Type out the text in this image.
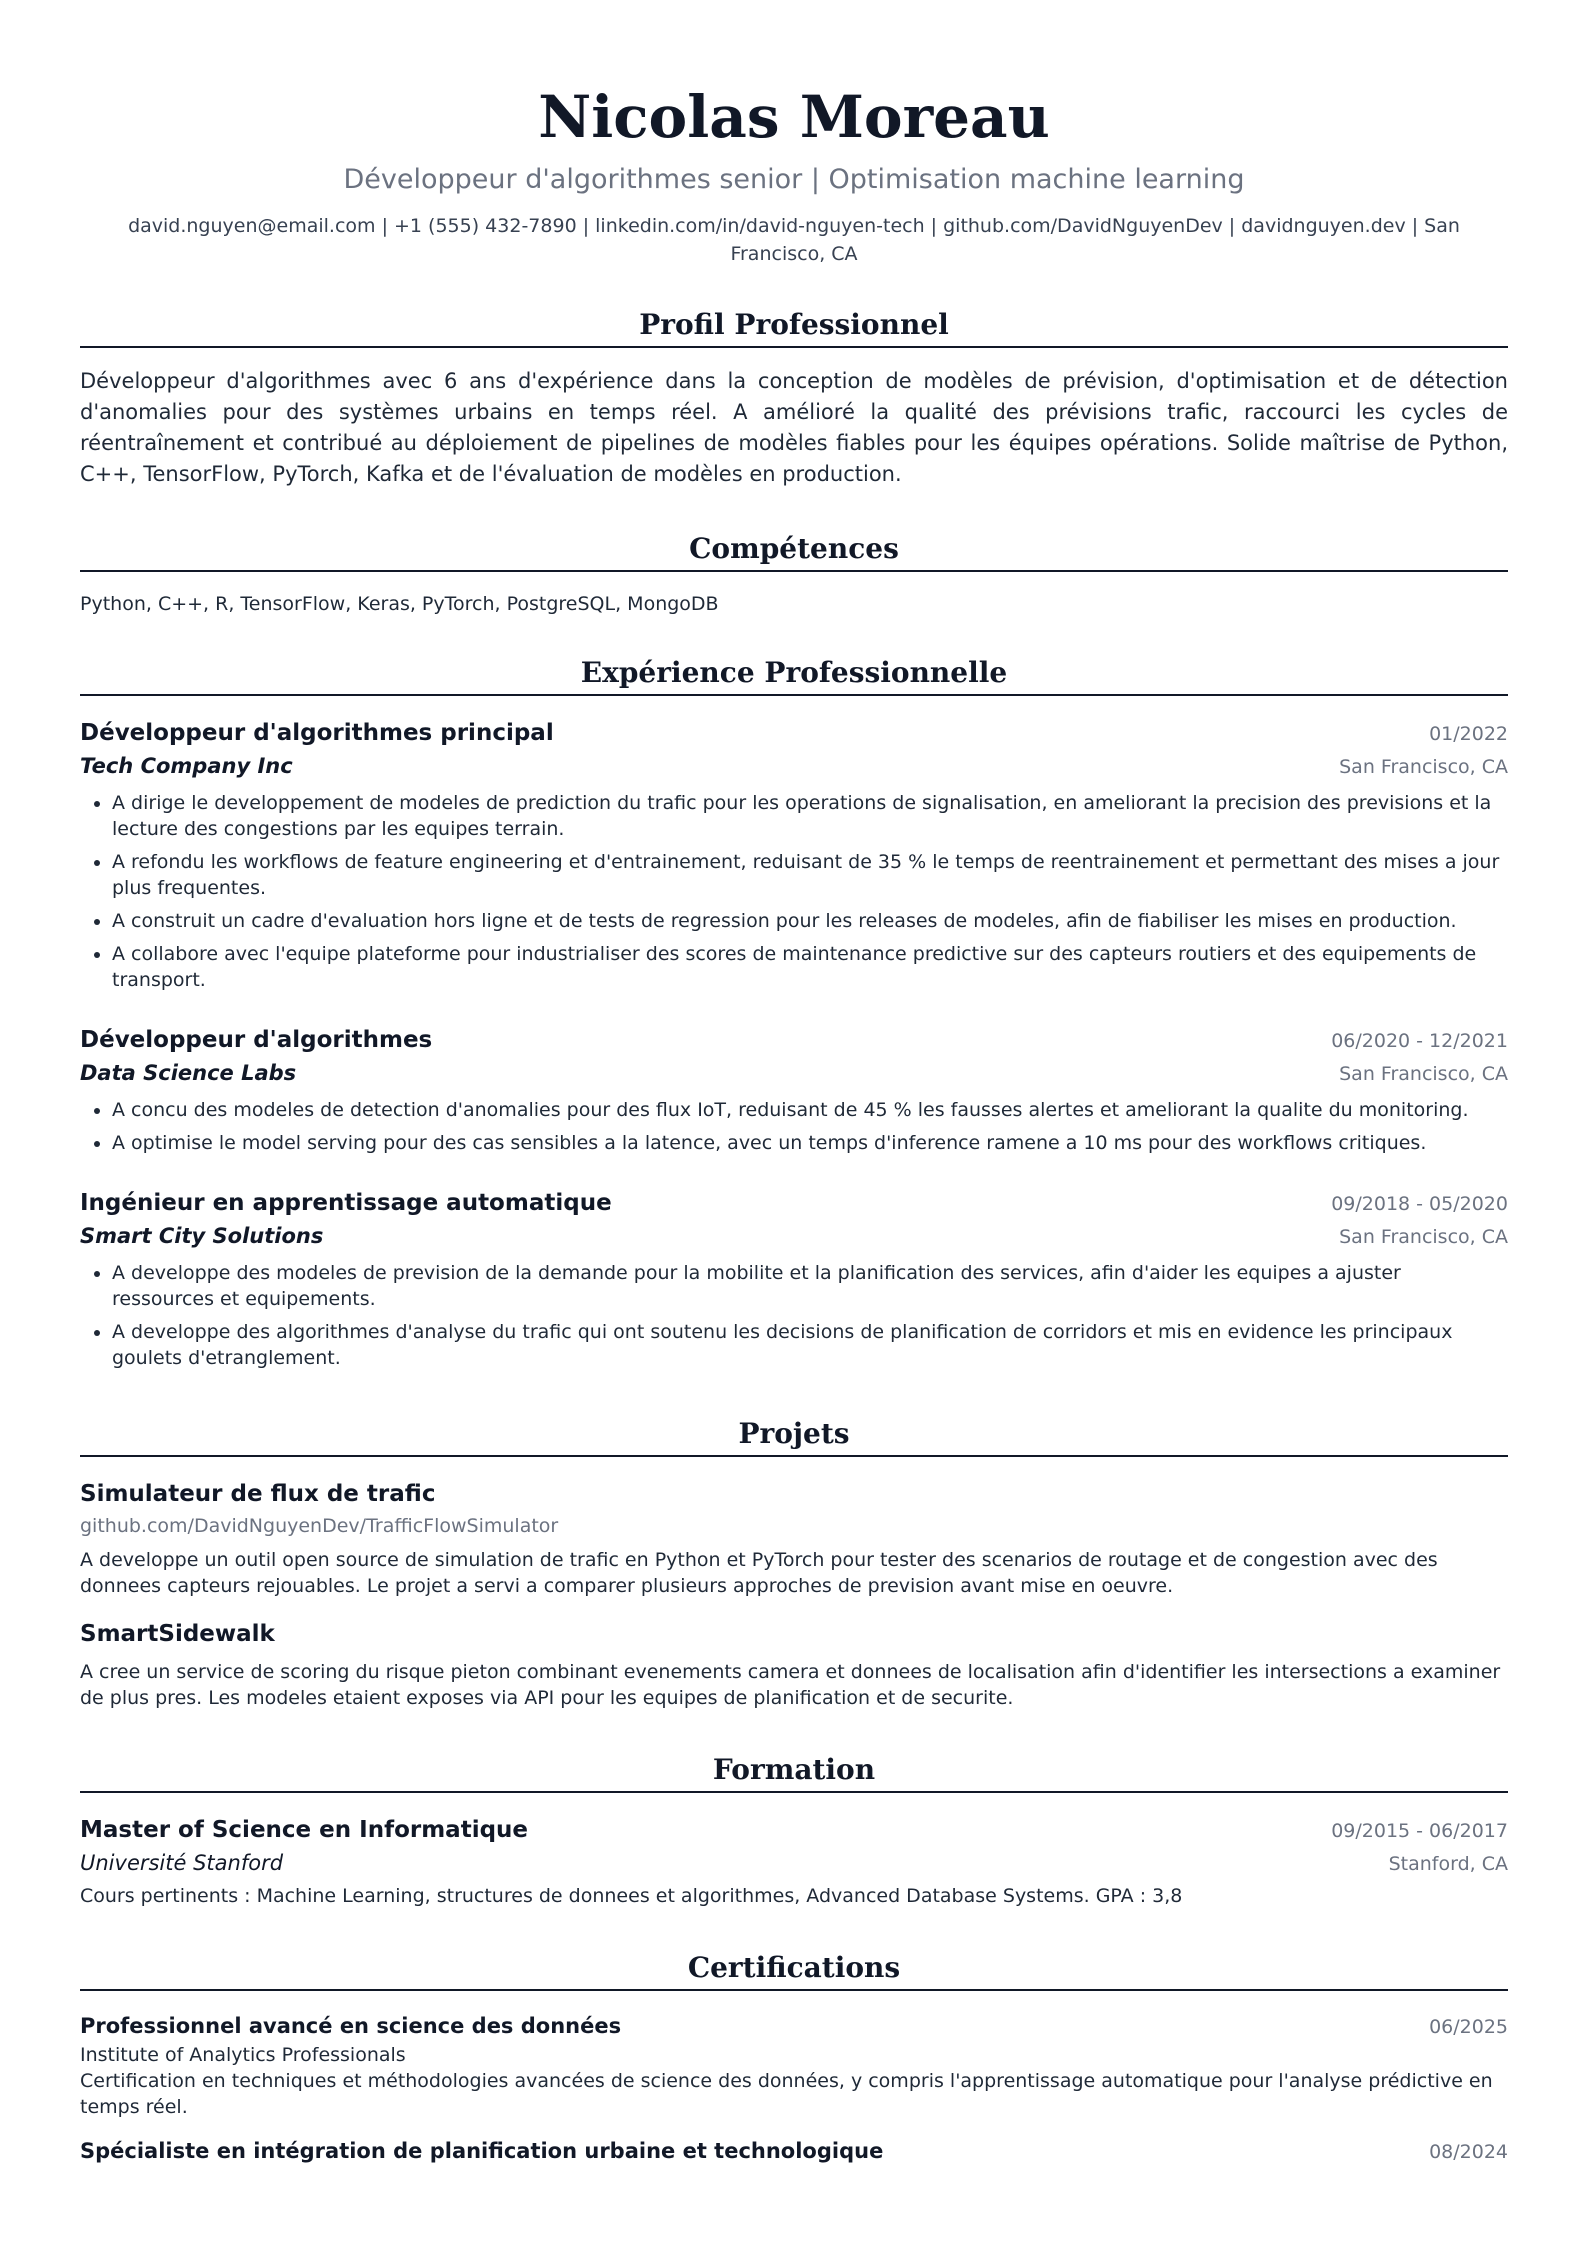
Nicolas Moreau
Développeur d'algorithmes senior | Optimisation machine learning
david.nguyen@email.com | +1 (555) 432-7890 | linkedin.com/in/david-nguyen-tech | github.com/DavidNguyenDev | davidnguyen.dev | San Francisco, CA
Profil Professionnel
Développeur d'algorithmes avec 6 ans d'expérience dans la conception de modèles de prévision, d'optimisation et de détection d'anomalies pour des systèmes urbains en temps réel. A amélioré la qualité des prévisions trafic, raccourci les cycles de réentraînement et contribué au déploiement de pipelines de modèles fiables pour les équipes opérations. Solide maîtrise de Python, C++, TensorFlow, PyTorch, Kafka et de l'évaluation de modèles en production.
Compétences
Python, C++, R, TensorFlow, Keras, PyTorch, PostgreSQL, MongoDB
Expérience Professionnelle
Développeur d'algorithmes principal	01/2022
Tech Company Inc	San Francisco, CA
• A dirige le developpement de modeles de prediction du trafic pour les operations de signalisation, en ameliorant la precision des previsions et la lecture des congestions par les equipes terrain.
• A refondu les workflows de feature engineering et d'entrainement, reduisant de 35 % le temps de reentrainement et permettant des mises a jour plus frequentes.
• A construit un cadre d'evaluation hors ligne et de tests de regression pour les releases de modeles, afin de fiabiliser les mises en production.
• A collabore avec l'equipe plateforme pour industrialiser des scores de maintenance predictive sur des capteurs routiers et des equipements de transport.
Développeur d'algorithmes	06/2020 - 12/2021
Data Science Labs	San Francisco, CA
• A concu des modeles de detection d'anomalies pour des flux IoT, reduisant de 45 % les fausses alertes et ameliorant la qualite du monitoring.
• A optimise le model serving pour des cas sensibles a la latence, avec un temps d'inference ramene a 10 ms pour des workflows critiques.
Ingénieur en apprentissage automatique	09/2018 - 05/2020
Smart City Solutions	San Francisco, CA
• A developpe des modeles de prevision de la demande pour la mobilite et la planification des services, afin d'aider les equipes a ajuster ressources et equipements.
• A developpe des algorithmes d'analyse du trafic qui ont soutenu les decisions de planification de corridors et mis en evidence les principaux goulets d'etranglement.
Projets
Simulateur de flux de trafic
github.com/DavidNguyenDev/TrafficFlowSimulator
A developpe un outil open source de simulation de trafic en Python et PyTorch pour tester des scenarios de routage et de congestion avec des donnees capteurs rejouables. Le projet a servi a comparer plusieurs approches de prevision avant mise en oeuvre.
SmartSidewalk
A cree un service de scoring du risque pieton combinant evenements camera et donnees de localisation afin d'identifier les intersections a examiner de plus pres. Les modeles etaient exposes via API pour les equipes de planification et de securite.
Formation
Master of Science en Informatique	09/2015 - 06/2017
Université Stanford	Stanford, CA
Cours pertinents : Machine Learning, structures de donnees et algorithmes, Advanced Database Systems. GPA : 3,8
Certifications
Professionnel avancé en science des données	06/2025
Institute of Analytics Professionals
Certification en techniques et méthodologies avancées de science des données, y compris l'apprentissage automatique pour l'analyse prédictive en temps réel.
Spécialiste en intégration de planification urbaine et technologique	08/2024
